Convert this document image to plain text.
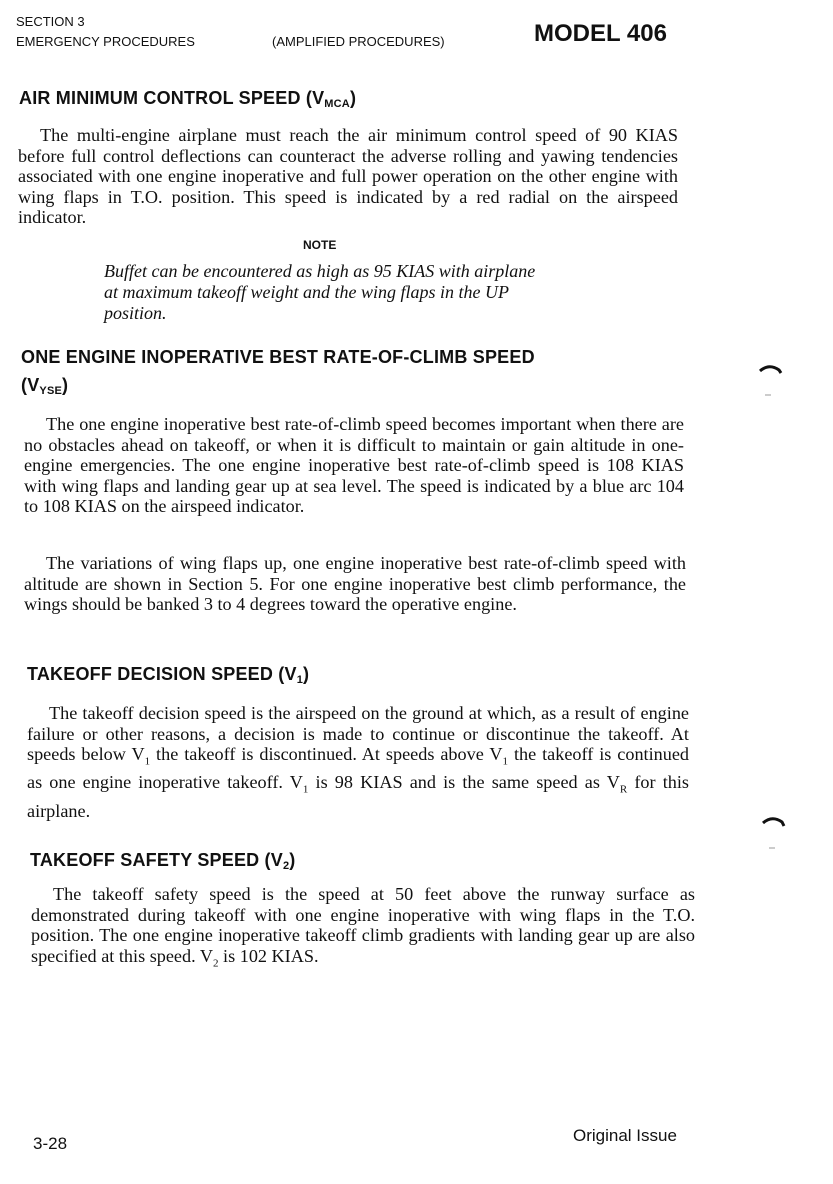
SECTION 3
EMERGENCY PROCEDURES	(AMPLIFIED PROCEDURES)	MODEL 406
AIR MINIMUM CONTROL SPEED $(V_{MCA})$

The multi-engine airplane must reach the air minimum control speed of 90 KIAS before full control deflections can counteract the adverse rolling and yawing tendencies associated with one engine inoperative and full power operation on the other engine with wing flaps in T.O. position. This speed is indicated by a red radial on the airspeed indicator.

NOTE

Buffet can be encountered as high as 95 KIAS with airplane at maximum takeoff weight and the wing flaps in the UP position.

ONE ENGINE INOPERATIVE BEST RATE-OF-CLIMB SPEED
$(V_{YSE})$

The one engine inoperative best rate-of-climb speed becomes important when there are no obstacles ahead on takeoff, or when it is difficult to maintain or gain altitude in one-engine emergencies. The one engine inoperative best rate-of-climb speed is 108 KIAS with wing flaps and landing gear up at sea level. The speed is indicated by a blue arc 104 to 108 KIAS on the airspeed indicator.

The variations of wing flaps up, one engine inoperative best rate-of-climb speed with altitude are shown in Section 5. For one engine inoperative best climb performance, the wings should be banked 3 to 4 degrees toward the operative engine.

TAKEOFF DECISION SPEED $(V_1)$

The takeoff decision speed is the airspeed on the ground at which, as a result of engine failure or other reasons, a decision is made to continue or discontinue the takeoff. At speeds below $V_1$ the takeoff is discontinued. At speeds above $V_1$ the takeoff is continued as one engine inoperative takeoff. $V_1$ is 98 KIAS and is the same speed as $V_R$ for this airplane.

TAKEOFF SAFETY SPEED $(V_2)$

The takeoff safety speed is the speed at 50 feet above the runway surface as demonstrated during takeoff with one engine inoperative with wing flaps in the T.O. position. The one engine inoperative takeoff climb gradients with landing gear up are also specified at this speed. $V_2$ is 102 KIAS.

3-28	Original Issue
